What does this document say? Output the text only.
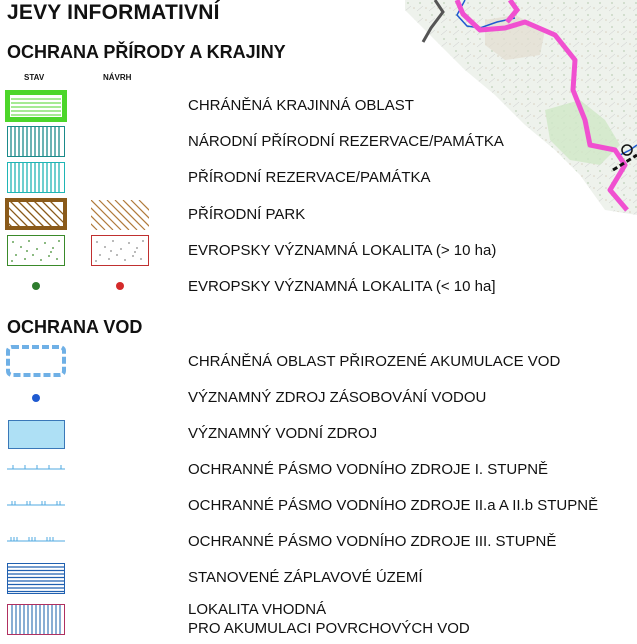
JEVY INFORMATIVNÍ
OCHRANA PŘÍRODY A KRAJINY
STAV	NÁVRH
CHRÁNĚNÁ KRAJINNÁ OBLAST
NÁRODNÍ PŘÍRODNÍ REZERVACE/PAMÁTKA
PŘÍRODNÍ REZERVACE/PAMÁTKA
PŘÍRODNÍ PARK
EVROPSKY VÝZNAMNÁ LOKALITA (> 10 ha)
EVROPSKY VÝZNAMNÁ LOKALITA (< 10 ha]
OCHRANA VOD
CHRÁNĚNÁ OBLAST PŘIROZENÉ AKUMULACE VOD
VÝZNAMNÝ ZDROJ ZÁSOBOVÁNÍ VODOU
VÝZNAMNÝ VODNÍ ZDROJ
OCHRANNÉ PÁSMO VODNÍHO ZDROJE I. STUPNĚ
OCHRANNÉ PÁSMO VODNÍHO ZDROJE II.a A II.b STUPNĚ
OCHRANNÉ PÁSMO VODNÍHO ZDROJE III. STUPNĚ
STANOVENÉ ZÁPLAVOVÉ ÚZEMÍ
LOKALITA VHODNÁ
PRO AKUMULACI POVRCHOVÝCH VOD
